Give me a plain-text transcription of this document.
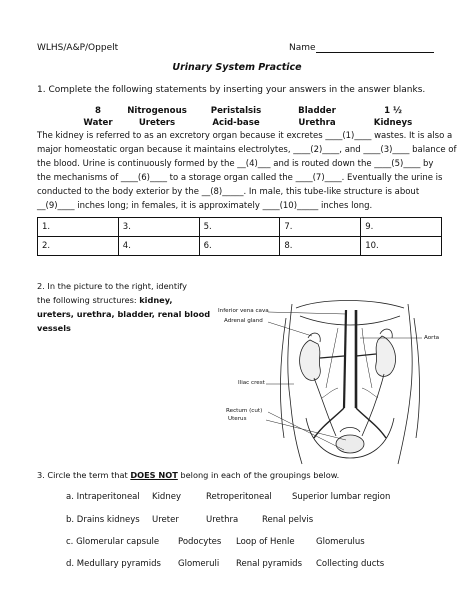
WLHS/A&P/Oppelt	Name
Urinary System Practice
1. Complete the following statements by inserting your answers in the answer blanks.
8	Nitrogenous	Peristalsis	Bladder	1 ½
Water	Ureters	Acid-base	Urethra	Kidneys
The kidney is referred to as an excretory organ because it excretes ____(1)____ wastes. It is also a
major homeostatic organ because it maintains electrolytes, ____(2)____, and ____(3)____ balance of
the blood. Urine is continuously formed by the __(4)___ and is routed down the ____(5)____ by
the mechanisms of ____(6)____ to a storage organ called the ____(7)____. Eventually the urine is
conducted to the body exterior by the __(8)_____. In male, this tube-like structure is about
__(9)____ inches long; in females, it is approximately ____(10)_____ inches long.
1.	3.	5.	7.	9.
2.	4.	6.	8.	10.
2. In the picture to the right, identify
the following structures: kidney,
ureters, urethra, bladder, renal blood
vessels
Inferior vena cava
Adrenal gland
Aorta
Iliac crest
Rectum (cut)
Uterus
3. Circle the term that DOES NOT belong in each of the groupings below.
a. Intraperitoneal Kidney	Retroperitoneal Superior lumbar region
b. Drains kidneys Ureter	Urethra	Renal pelvis
c. Glomerular capsule Podocytes Loop of Henle	Glomerulus
d. Medullary pyramids Glomeruli Renal pyramids Collecting ducts
